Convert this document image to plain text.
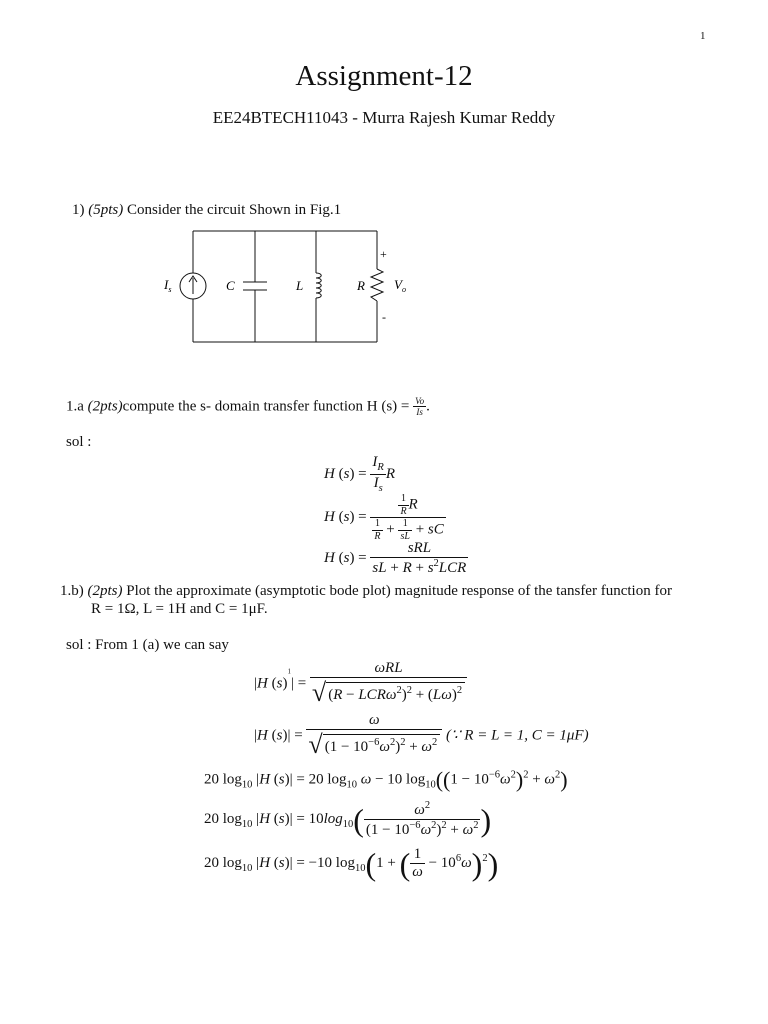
1
Assignment-12
EE24BTECH11043 - Murra Rajesh Kumar Reddy
1) (5pts) Consider the circuit Shown in Fig.1
$I_s$	C	L	R $V_o$
+
-
1.a (2pts)compute the s- domain transfer function H $(s) = \frac{Vo}{Is}$ .
sol :
H $(s) = \frac{I_R}{I_s}$ R
H $(s) = \frac{\frac{1}{R} R}{\frac{1}{R} + \frac{1}{sL} + sC}$
H $(s) = \frac{\text{sRL}}{sL + R + s^2LCR}$
1.b) (2pts) Plot the approximate (asymptotic bode plot) magnitude response of the tansfer function for
R = 1Ω, L = 1H and C = 1μF.
sol : From 1 (a) we can say
|H $(s)^1| = \frac{\text{ωRL}}{√ (R - LCR\omega^2)^2 + (L\omega)^2}$
|H $(s)| = \frac{\omega}{√ (1 - 10^{-6}\omega^2)^2 + \omega^2}$ (∵ R = L = 1, C = 1μF)
20 $\log_{10} |H$ (s)| = 20 $\log_{10} \omega - 10$ $\log_{10}((1 - 10^{-6}\omega^2)^2 + \omega^2)$
20 $\log_{10} |H$ $(s)| = 10\log_{10}( \frac{\omega^2}{(1 - 10^{-6}\omega^2)^2 + \omega^2}$ )
20 $\log_{10} |H$ (s)| = −10 $\log_{10}(1$ + ( $\frac{1}{\omega} - 10^6\omega)^2$)
